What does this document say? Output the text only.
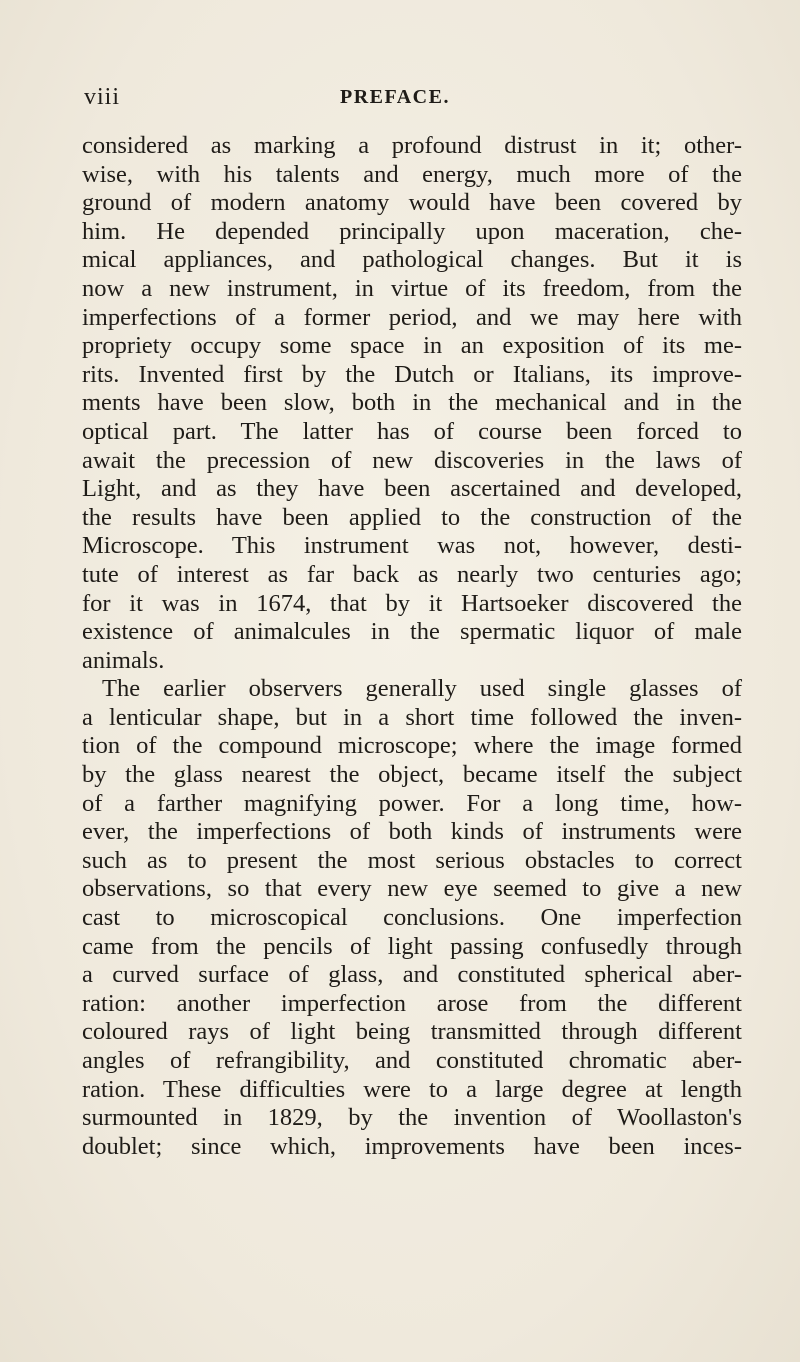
viii	PREFACE.
considered as marking a profound distrust in it; other-
wise, with his talents and energy, much more of the
ground of modern anatomy would have been covered by
him. He depended principally upon maceration, che-
mical appliances, and pathological changes. But it is
now a new instrument, in virtue of its freedom, from the
imperfections of a former period, and we may here with
propriety occupy some space in an exposition of its me-
rits. Invented first by the Dutch or Italians, its improve-
ments have been slow, both in the mechanical and in the
optical part. The latter has of course been forced to
await the precession of new discoveries in the laws of
Light, and as they have been ascertained and developed,
the results have been applied to the construction of the
Microscope. This instrument was not, however, desti-
tute of interest as far back as nearly two centuries ago;
for it was in 1674, that by it Hartsoeker discovered the
existence of animalcules in the spermatic liquor of male
animals.
The earlier observers generally used single glasses of
a lenticular shape, but in a short time followed the inven-
tion of the compound microscope; where the image formed
by the glass nearest the object, became itself the subject
of a farther magnifying power. For a long time, how-
ever, the imperfections of both kinds of instruments were
such as to present the most serious obstacles to correct
observations, so that every new eye seemed to give a new
cast to microscopical conclusions. One imperfection
came from the pencils of light passing confusedly through
a curved surface of glass, and constituted spherical aber-
ration: another imperfection arose from the different
coloured rays of light being transmitted through different
angles of refrangibility, and constituted chromatic aber-
ration. These difficulties were to a large degree at length
surmounted in 1829, by the invention of Woollaston's
doublet; since which, improvements have been inces-
